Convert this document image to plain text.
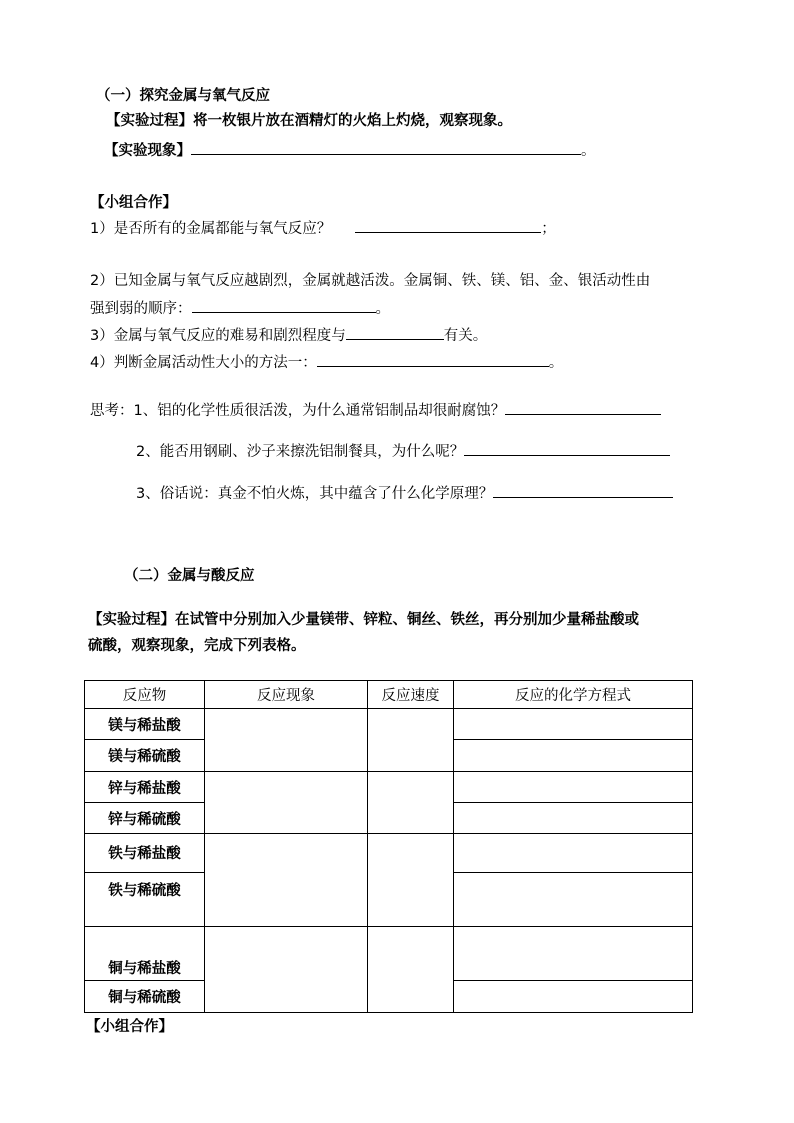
（一）探究金属与氧气反应
【实验过程】将一枚银片放在酒精灯的火焰上灼烧，观察现象。
【实验现象】	。
【小组合作】
1）是否所有的金属都能与氧气反应？	；
2）已知金属与氧气反应越剧烈，金属就越活泼。金属铜、铁、镁、铝、金、银活动性由
强到弱的顺序：	。
3）金属与氧气反应的难易和剧烈程度与	有关。
4）判断金属活动性大小的方法一：	。
思考：1、铝的化学性质很活泼，为什么通常铝制品却很耐腐蚀？
2、能否用钢刷、沙子来擦洗铝制餐具，为什么呢？
3、俗话说：真金不怕火炼，其中蕴含了什么化学原理？
（二）金属与酸反应
【实验过程】在试管中分别加入少量镁带、锌粒、铜丝、铁丝，再分别加少量稀盐酸或
硫酸，观察现象，完成下列表格。
反应物	反应现象	反应速度	反应的化学方程式
镁与稀盐酸			
镁与稀硫酸			
锌与稀盐酸			
锌与稀硫酸			
铁与稀盐酸			
铁与稀硫酸			
铜与稀盐酸			
铜与稀硫酸			
【小组合作】
